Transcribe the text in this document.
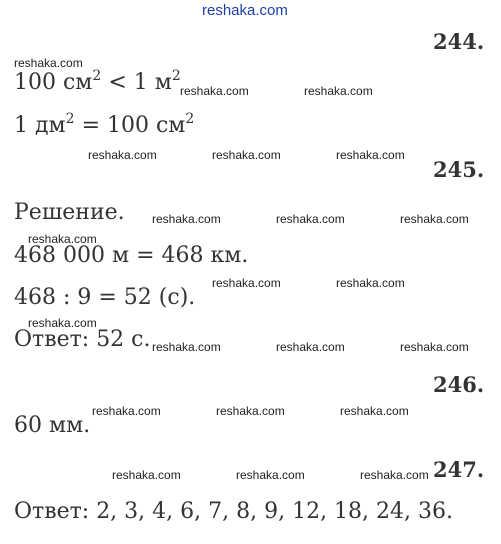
reshaka.com
244.
reshaka.com
100 $см^2 < 1$ $м^2$
reshaka.com	reshaka.com
1 $дм^2 = 100$ $см^2$
reshaka.com	reshaka.com	reshaka.com
245.
Решение. reshaka.com	reshaka.com	reshaka.com
reshaka.com
468 000 м = 468 км.
reshaka.com	reshaka.com
468 : 9 = 52 (с).
reshaka.com
Ответ: 52 с. reshaka.com	reshaka.com	reshaka.com
246.
reshaka.com	reshaka.com	reshaka.com
60 мм.
reshaka.com	reshaka.com	reshaka.com 247.
Ответ: 2, 3, 4, 6, 7, 8, 9, 12, 18, 24, 36.
